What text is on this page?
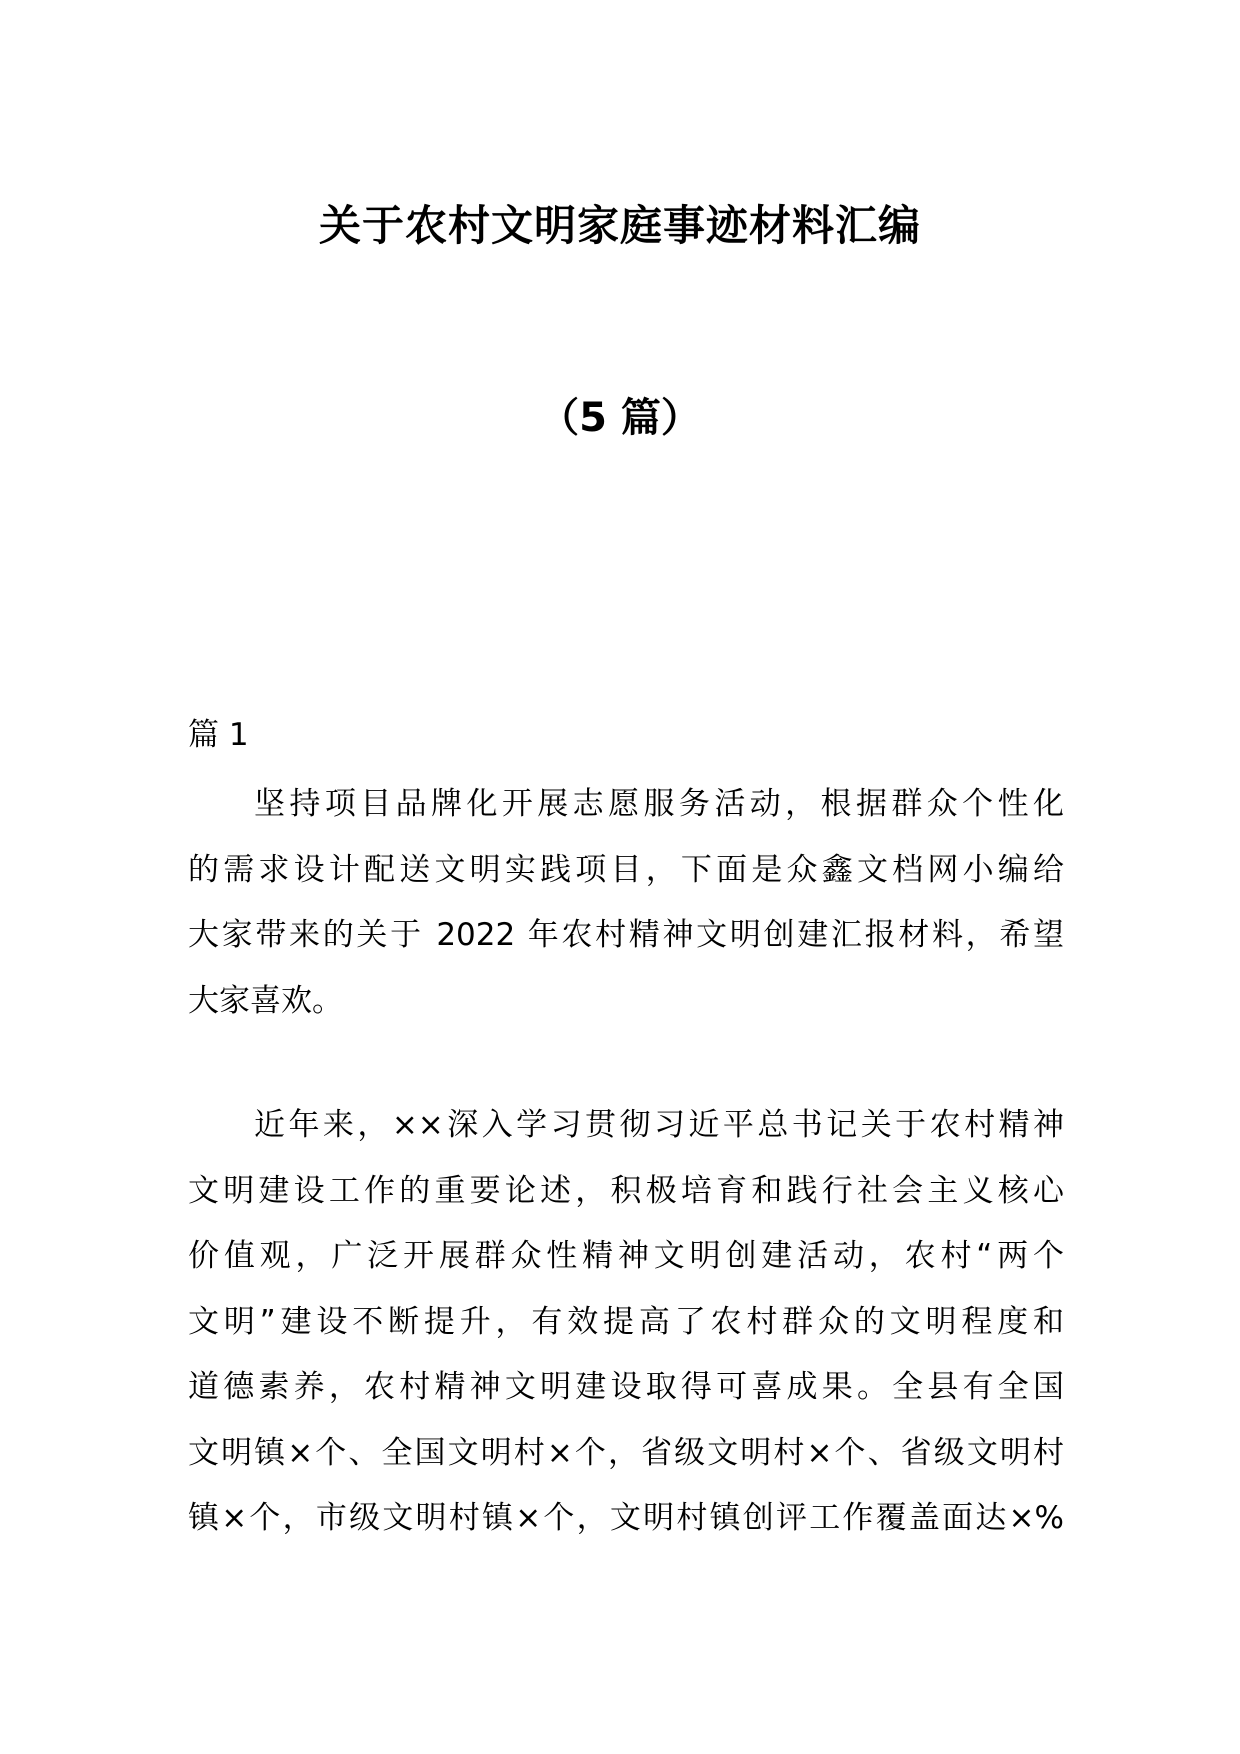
关于农村文明家庭事迹材料汇编
（5 篇）
篇 1
坚持项目品牌化开展志愿服务活动，根据群众个性化
的需求设计配送文明实践项目，下面是众鑫文档网小编给
大家带来的关于 2022 年农村精神文明创建汇报材料，希望
大家喜欢。
近年来，××深入学习贯彻习近平总书记关于农村精神
文明建设工作的重要论述，积极培育和践行社会主义核心
价值观，广泛开展群众性精神文明创建活动，农村“两个
文明”建设不断提升，有效提高了农村群众的文明程度和
道德素养，农村精神文明建设取得可喜成果。全县有全国
文明镇×个、全国文明村×个，省级文明村×个、省级文明村
镇×个，市级文明村镇×个，文明村镇创评工作覆盖面达×%
